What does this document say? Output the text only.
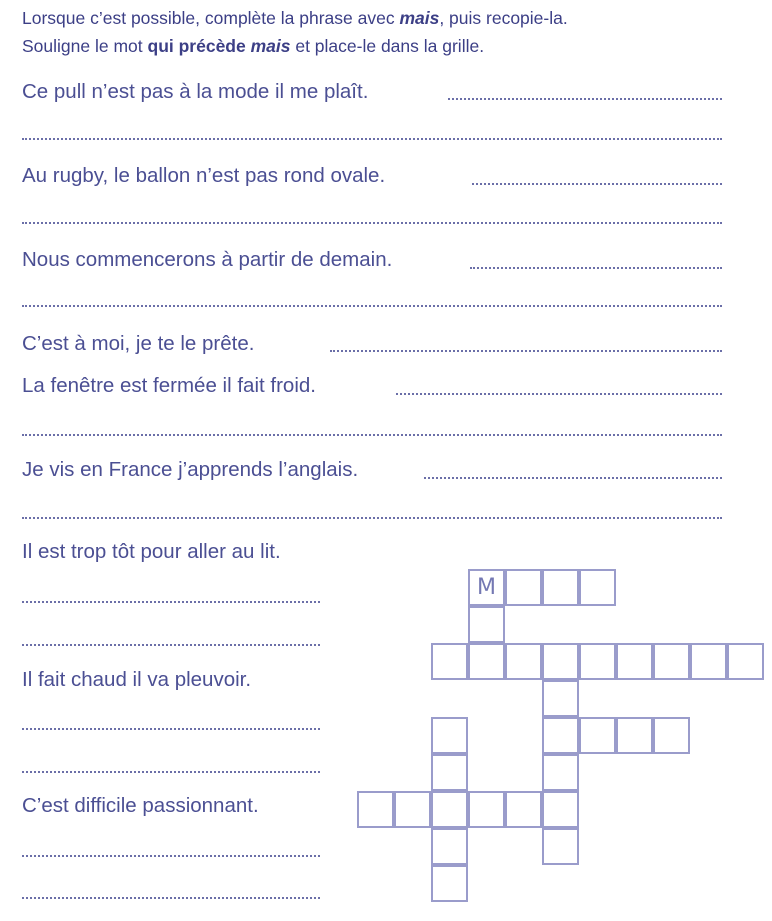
Lorsque c’est possible, complète la phrase avec mais, puis recopie-la.
Souligne le mot qui précède mais et place-le dans la grille.
Ce pull n’est pas à la mode il me plaît.
Au rugby, le ballon n’est pas rond ovale.
Nous commencerons à partir de demain.
C’est à moi, je te le prête.
La fenêtre est fermée il fait froid.
Je vis en France j’apprends l’anglais.
Il est trop tôt pour aller au lit.
Il fait chaud il va pleuvoir.
C’est difficile passionnant.
M
